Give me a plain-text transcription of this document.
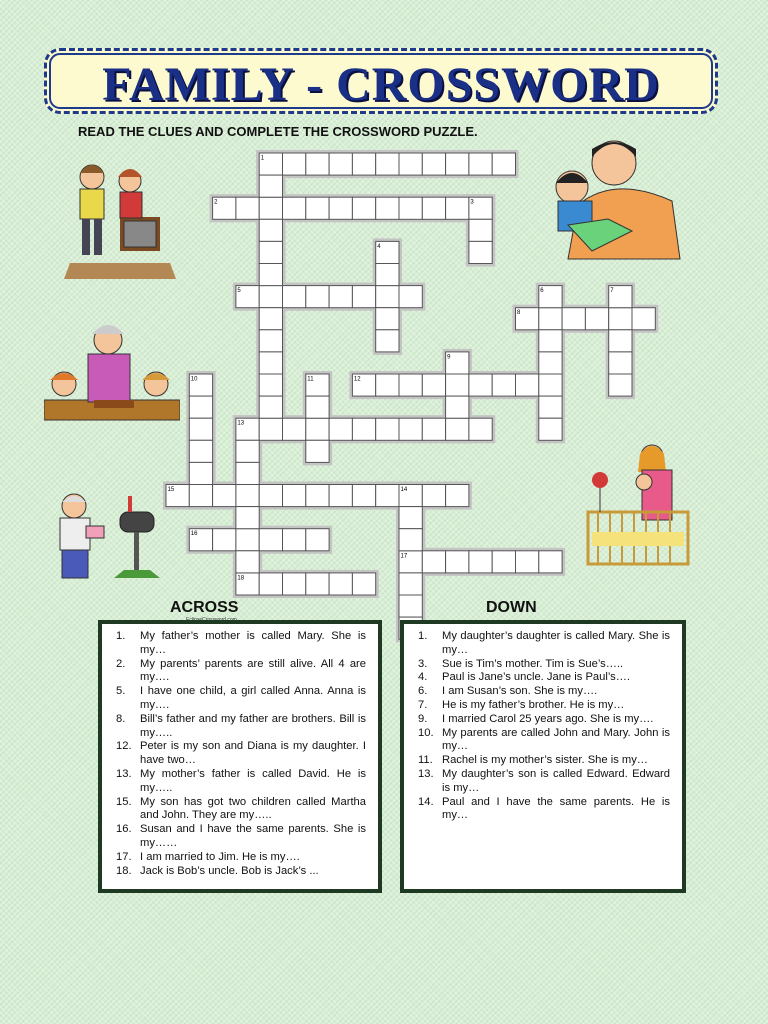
FAMILY - CROSSWORD
READ THE CLUES AND COMPLETE THE CROSSWORD PUZZLE.
1
2
5
8
12
13
15
16
17
18
3
4
6	7
9
10	11
14
ACROSS	DOWN
1.	My father’s mother is called Mary. She is my…
2.	My parents’ parents are still alive. All 4 are my….
5.	I have one child, a girl called Anna. Anna is my….
8.	Bill’s father and my father are brothers. Bill is my…..
12. Peter is my son and Diana is my daughter. I have two…
13. My mother’s father is called David. He is my…..
15. My son has got two children called Martha and John. They are my…..
16. Susan and I have the same parents. She is my……
17. I am married to Jim. He is my….
18. Jack is Bob’s uncle. Bob is Jack’s ...
1.	My daughter’s daughter is called Mary. She is my…
3.	Sue is Tim’s mother. Tim is Sue’s…..
4.	Paul is Jane’s uncle. Jane is Paul’s….
6.	I am Susan’s son. She is my….
7.	He is my father’s brother. He is my…
9.	I married Carol 25 years ago. She is my….
10. My parents are called John and Mary. John is my…
11. Rachel is my mother’s sister. She is my…
13. My daughter’s son is called Edward. Edward is my…
14. Paul and I have the same parents. He is my…
